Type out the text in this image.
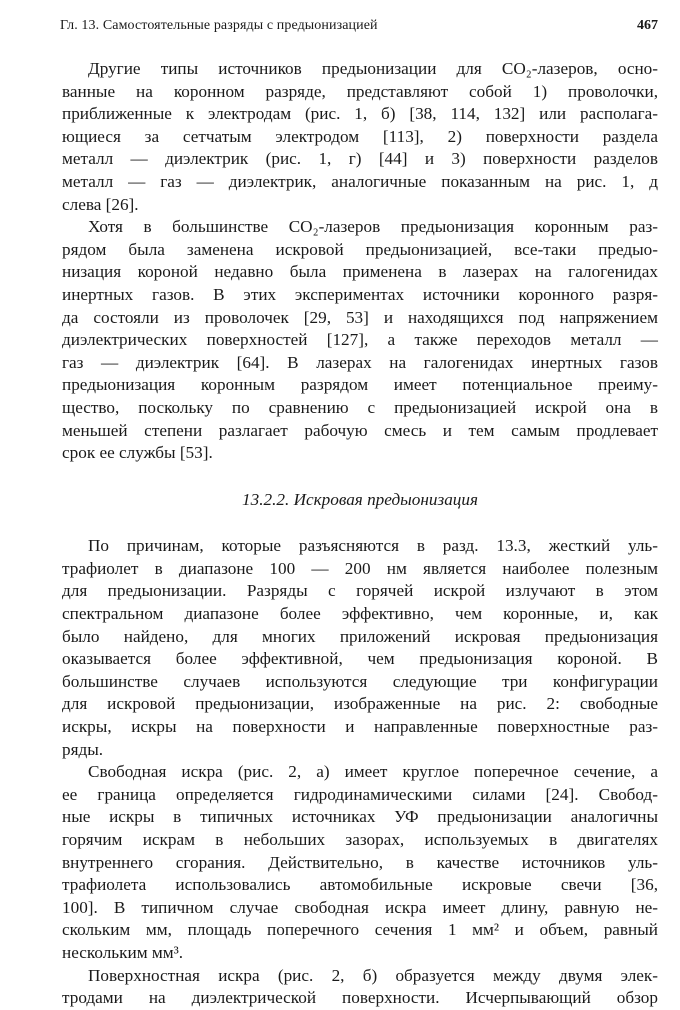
Гл. 13. Самостоятельные разряды с предыонизацией	467
Другие типы источников предыонизации для CO₂-лазеров, осно-
ванные на коронном разряде, представляют собой 1) проволочки,
приближенные к электродам (рис. 1, б) [38, 114, 132] или располага-
ющиеся за сетчатым электродом [113], 2) поверхности раздела
металл — диэлектрик (рис. 1, г) [44] и 3) поверхности разделов
металл — газ — диэлектрик, аналогичные показанным на рис. 1, д
слева [26].
Хотя в большинстве CO₂-лазеров предыонизация коронным раз-
рядом была заменена искровой предыонизацией, все-таки предыо-
низация короной недавно была применена в лазерах на галогенидах
инертных газов. В этих экспериментах источники коронного разря-
да состояли из проволочек [29, 53] и находящихся под напряжением
диэлектрических поверхностей [127], а также переходов металл —
газ — диэлектрик [64]. В лазерах на галогенидах инертных газов
предыонизация коронным разрядом имеет потенциальное преиму-
щество, поскольку по сравнению с предыонизацией искрой она в
меньшей степени разлагает рабочую смесь и тем самым продлевает
срок ее службы [53].
13.2.2. Искровая предыонизация
По причинам, которые разъясняются в разд. 13.3, жесткий уль-
трафиолет в диапазоне 100 — 200 нм является наиболее полезным
для предыонизации. Разряды с горячей искрой излучают в этом
спектральном диапазоне более эффективно, чем коронные, и, как
было найдено, для многих приложений искровая предыонизация
оказывается более эффективной, чем предыонизация короной. В
большинстве случаев используются следующие три конфигурации
для искровой предыонизации, изображенные на рис. 2: свободные
искры, искры на поверхности и направленные поверхностные раз-
ряды.
Свободная искра (рис. 2, а) имеет круглое поперечное сечение, а
ее граница определяется гидродинамическими силами [24]. Свобод-
ные искры в типичных источниках УФ предыонизации аналогичны
горячим искрам в небольших зазорах, используемых в двигателях
внутреннего сгорания. Действительно, в качестве источников уль-
трафиолета использовались автомобильные искровые свечи [36,
100]. В типичном случае свободная искра имеет длину, равную не-
скольким мм, площадь поперечного сечения 1 мм² и объем, равный
нескольким мм³.
Поверхностная искра (рис. 2, б) образуется между двумя элек-
тродами на диэлектрической поверхности. Исчерпывающий обзор
